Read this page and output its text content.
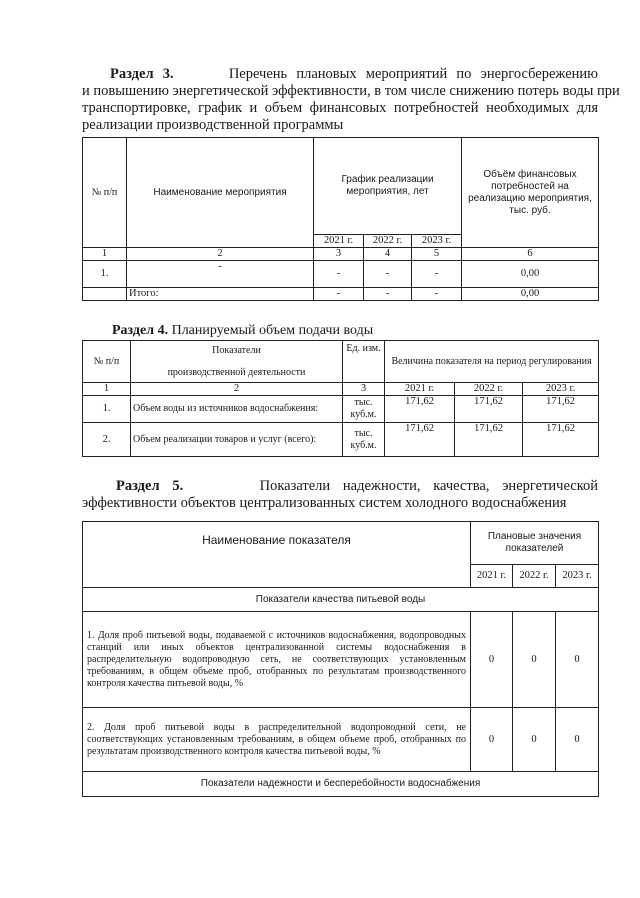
Раздел 3.	Перечень плановых мероприятий по энергосбережению
и повышению энергетической эффективности, в том числе снижению потерь воды при
транспортировке, график и объем финансовых потребностей необходимых для
реализации производственной программы
№ п/п	Наименование мероприятия	График реализации мероприятия, лет			Объём финансовых потребностей на реализацию мероприятия, тыс. руб.
		2021 г.	2022 г.	2023 г.	
1	2	3	4	5	6
1.	-	-	-	-	0,00
	Итого:	-	-	-	0,00
Раздел 4. Планируемый объем подачи воды
№ п/п	Показатели
производственной деятельности	Ед. изм.	Величина показателя на период регулирования		

1	2	3	2021 г.	2022 г.	2023 г.
1.	Объем воды из источников водоснабжения:	тыс. куб.м.	171,62	171,62	171,62
2.	Объем реализации товаров и услуг (всего):	тыс. куб.м.	171,62	171,62	171,62
Раздел 5.	Показатели надежности, качества, энергетической
эффективности объектов централизованных систем холодного водоснабжения
Наименование показателя	Плановые значения показателей		
	2021 г.	2022 г.	2023 г.
Показатели качества питьевой воды			
1. Доля проб питьевой воды, подаваемой с источников водоснабжения, водопроводных станций или иных объектов централизованной системы водоснабжения в распределительную водопроводную сеть, не соответствующих установленным требованиям, в общем объеме проб, отобранных по результатам производственного контроля качества питьевой воды, %	0	0	0
2. Доля проб питьевой воды в распределительной водопроводной сети, не соответствующих установленным требованиям, в общем объеме проб, отобранных по результатам производственного контроля качества питьевой воды, %	0	0	0
Показатели надежности и бесперебойности водоснабжения			
